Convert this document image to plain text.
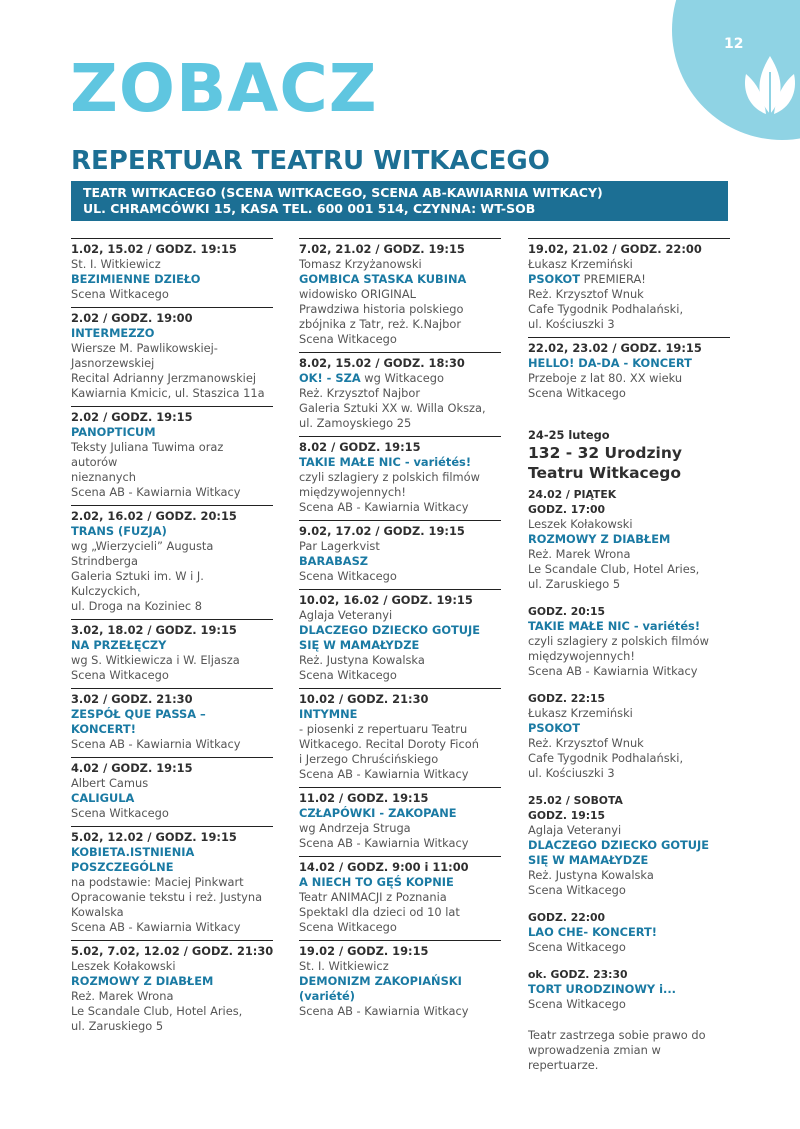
12
ZOBACZ
REPERTUAR TEATRU WITKACEGO
TEATR WITKACEGO (SCENA WITKACEGO, SCENA AB-KAWIARNIA WITKACY)
UL. CHRAMCÓWKI 15, KASA TEL. 600 001 514, CZYNNA: WT-SOB
1.02, 15.02 / GODZ. 19:15
St. I. Witkiewicz
BEZIMIENNE DZIEŁO
Scena Witkacego
2.02 / GODZ. 19:00
INTERMEZZO
Wiersze M. Pawlikowskiej-
Jasnorzewskiej
Recital Adrianny Jerzmanowskiej
Kawiarnia Kmicic, ul. Staszica 11a
2.02 / GODZ. 19:15
PANOPTICUM
Teksty Juliana Tuwima oraz autorów
nieznanych
Scena AB - Kawiarnia Witkacy
2.02, 16.02 / GODZ. 20:15
TRANS (FUZJA)
wg „Wierzycieli” Augusta Strindberga
Galeria Sztuki im. W i J. Kulczyckich,
ul. Droga na Koziniec 8
3.02, 18.02 / GODZ. 19:15
NA PRZEŁĘCZY
wg S. Witkiewicza i W. Eljasza
Scena Witkacego
3.02 / GODZ. 21:30
ZESPÓŁ QUE PASSA – KONCERT!
Scena AB - Kawiarnia Witkacy
4.02 / GODZ. 19:15
Albert Camus
CALIGULA
Scena Witkacego
5.02, 12.02 / GODZ. 19:15
KOBIETA.ISTNIENIA POSZCZEGÓLNE
na podstawie: Maciej Pinkwart
Opracowanie tekstu i reż. Justyna
Kowalska
Scena AB - Kawiarnia Witkacy
5.02, 7.02, 12.02 / GODZ. 21:30
Leszek Kołakowski
ROZMOWY Z DIABŁEM
Reż. Marek Wrona
Le Scandale Club, Hotel Aries,
ul. Zaruskiego 5
7.02, 21.02 / GODZ. 19:15
Tomasz Krzyżanowski
GOMBICA STASKA KUBINA
widowisko ORIGINAL
Prawdziwa historia polskiego
zbójnika z Tatr, reż. K.Najbor
Scena Witkacego
8.02, 15.02 / GODZ. 18:30
OK! - SZA wg Witkacego
Reż. Krzysztof Najbor
Galeria Sztuki XX w. Willa Oksza,
ul. Zamoyskiego 25
8.02 / GODZ. 19:15
TAKIE MAŁE NIC - variétés!
czyli szlagiery z polskich filmów
międzywojennych!
Scena AB - Kawiarnia Witkacy
9.02, 17.02 / GODZ. 19:15
Par Lagerkvist
BARABASZ
Scena Witkacego
10.02, 16.02 / GODZ. 19:15
Aglaja Veteranyi
DLACZEGO DZIECKO GOTUJE SIĘ W MAMAŁYDZE
Reż. Justyna Kowalska
Scena Witkacego
10.02 / GODZ. 21:30
INTYMNE
- piosenki z repertuaru Teatru
Witkacego. Recital Doroty Ficoń
i Jerzego Chruścińskiego
Scena AB - Kawiarnia Witkacy
11.02 / GODZ. 19:15
CZŁAPÓWKI - ZAKOPANE
wg Andrzeja Struga
Scena AB - Kawiarnia Witkacy
14.02 / GODZ. 9:00 i 11:00
A NIECH TO GĘŚ KOPNIE
Teatr ANIMACJI z Poznania
Spektakl dla dzieci od 10 lat
Scena Witkacego
19.02 / GODZ. 19:15
St. I. Witkiewicz
DEMONIZM ZAKOPIAŃSKI (variété)
Scena AB - Kawiarnia Witkacy
19.02, 21.02 / GODZ. 22:00
Łukasz Krzemiński
PSOKOT PREMIERA!
Reż. Krzysztof Wnuk
Cafe Tygodnik Podhalański,
ul. Kościuszki 3
22.02, 23.02 / GODZ. 19:15
HELLO! DA-DA - KONCERT
Przeboje z lat 80. XX wieku
Scena Witkacego
24-25 lutego
132 - 32 Urodziny Teatru Witkacego
24.02 / PIĄTEK
GODZ. 17:00
Leszek Kołakowski
ROZMOWY Z DIABŁEM
Reż. Marek Wrona
Le Scandale Club, Hotel Aries,
ul. Zaruskiego 5
GODZ. 20:15
TAKIE MAŁE NIC - variétés!
czyli szlagiery z polskich filmów
międzywojennych!
Scena AB - Kawiarnia Witkacy
GODZ. 22:15
Łukasz Krzemiński
PSOKOT
Reż. Krzysztof Wnuk
Cafe Tygodnik Podhalański,
ul. Kościuszki 3
25.02 / SOBOTA
GODZ. 19:15
Aglaja Veteranyi
DLACZEGO DZIECKO GOTUJE SIĘ W MAMAŁYDZE
Reż. Justyna Kowalska
Scena Witkacego
GODZ. 22:00
LAO CHE- KONCERT!
Scena Witkacego
ok. GODZ. 23:30
TORT URODZINOWY i...
Scena Witkacego
Teatr zastrzega sobie prawo do wprowadzenia zmian w repertuarze.
